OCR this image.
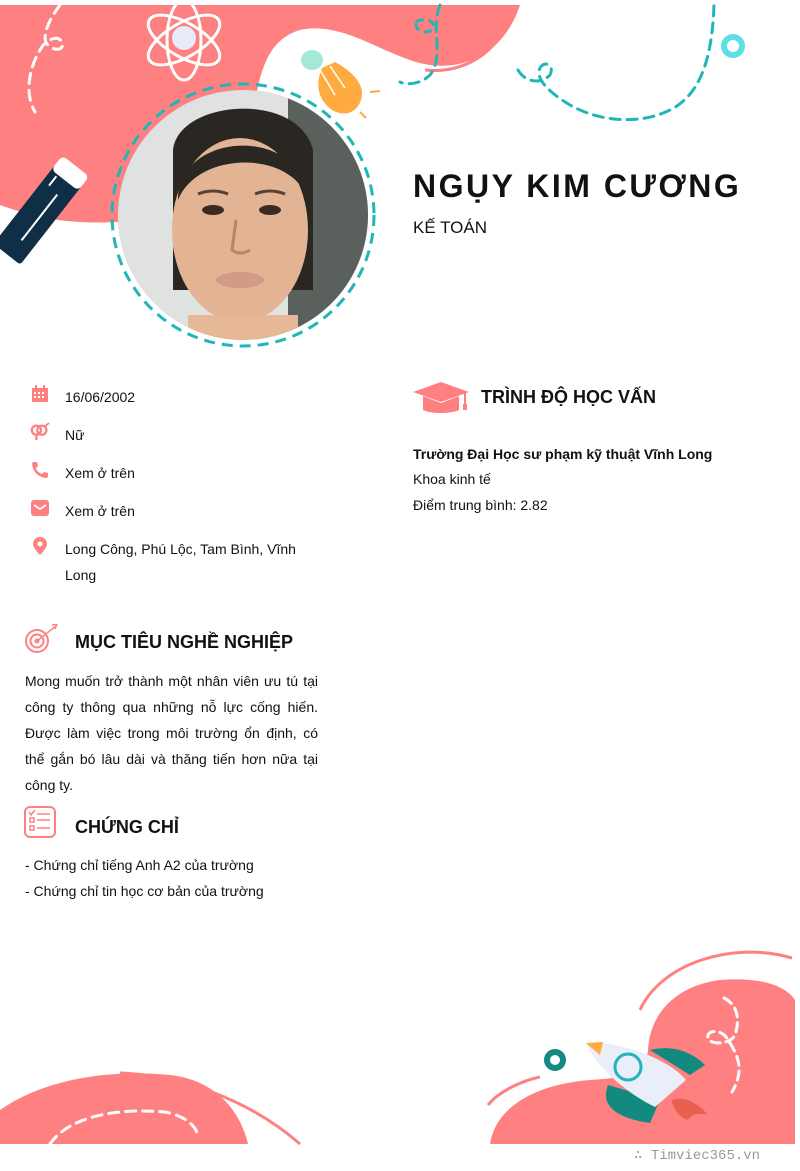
NGỤY KIM CƯƠNG
KẾ TOÁN
16/06/2002
Nữ
Xem ở trên
Xem ở trên
Long Công, Phú Lộc, Tam Bình, Vĩnh Long
MỤC TIÊU NGHỀ NGHIỆP
Mong muốn trở thành một nhân viên ưu tú tại công ty thông qua những nỗ lực cống hiến. Được làm việc trong môi trường ổn định, có thể gắn bó lâu dài và thăng tiến hơn nữa tại công ty.
CHỨNG CHỈ
- Chứng chỉ tiếng Anh A2 của trường
- Chứng chỉ tin học cơ bản của trường
TRÌNH ĐỘ HỌC VẤN
Trường Đại Học sư phạm kỹ thuật Vĩnh Long
Khoa kinh tế
Điểm trung bình: 2.82
∴ Timviec365.vn
